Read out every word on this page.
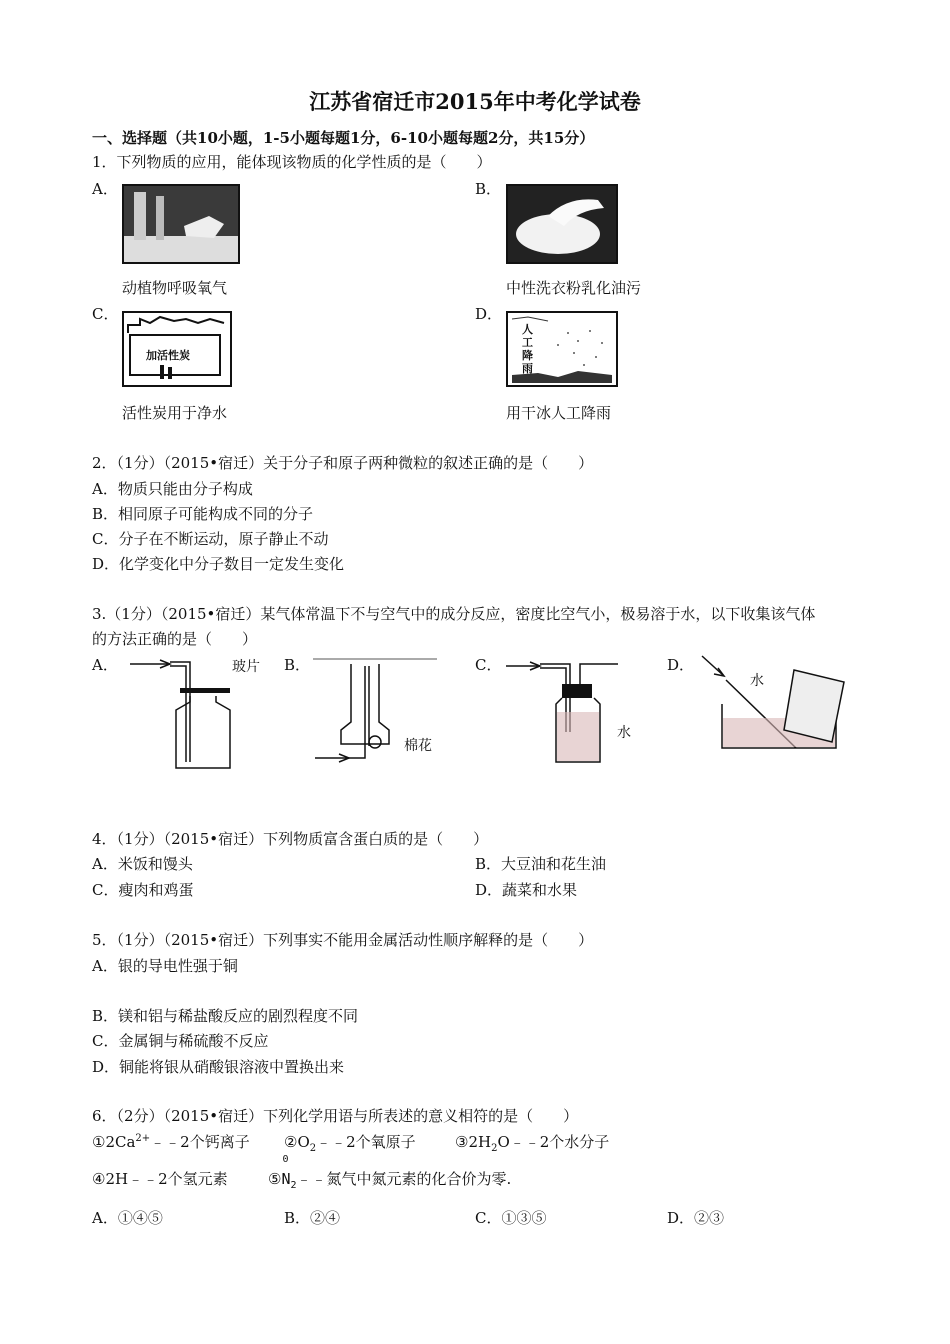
江苏省宿迁市2015年中考化学试卷
一、选择题（共10小题，1-5小题每题1分，6-10小题每题2分，共15分）
1．下列物质的应用，能体现该物质的化学性质的是（　　）
A．
动植物呼吸氧气
B．
中性洗衣粉乳化油污
C．
加活性炭
活性炭用于净水
D．
人
工
降
雨
用干冰人工降雨
2．（1分）（2015•宿迁）关于分子和原子两种微粒的叙述正确的是（　　）
A．物质只能由分子构成
B．相同原子可能构成不同的分子
C．分子在不断运动，原子静止不动
D．化学变化中分子数目一定发生变化
3.（1分）（2015•宿迁）某气体常温下不与空气中的成分反应，密度比空气小，极易溶于水，以下收集该气体
的方法正确的是（　　）
A．	玻片 B．
棉花
C．
水
D．
水
4．（1分）（2015•宿迁）下列物质富含蛋白质的是（　　）
A．米饭和馒头	B．大豆油和花生油
C．瘦肉和鸡蛋	D．蔬菜和水果
5．（1分）（2015•宿迁）下列事实不能用金属活动性顺序解释的是（　　）
A．银的导电性强于铜
B．镁和铝与稀盐酸反应的剧烈程度不同
C．金属铜与稀硫酸不反应
D．铜能将银从硝酸银溶液中置换出来
6．（2分）（2015•宿迁）下列化学用语与所表述的意义相符的是（　　）
$①2Ca^{2+}﹣﹣2$个钙离子 $②O_2﹣﹣2$个氧原子	$③2H_2O﹣﹣2$个水分子
④2H﹣﹣2个氢元素	⑤
0
$N_2﹣﹣$氮气中氮元素的化合价为零.
A．①④⑤	B．②④	C．①③⑤	D．②③
